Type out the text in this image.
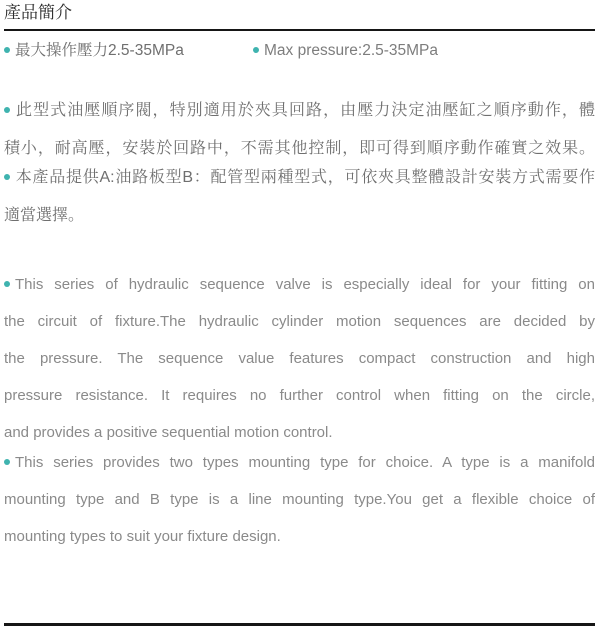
產品簡介
最大操作壓力2.5-35MPa	Max pressure:2.5-35MPa
此型式油壓順序閥，特別適用於夾具回路，由壓力決定油壓缸之順序動作，體
積小，耐高壓，安裝於回路中，不需其他控制，即可得到順序動作確實之效果。
本產品提供A:油路板型B：配管型兩種型式，可依夾具整體設計安裝方式需要作
適當選擇。
This series of hydraulic sequence valve is especially ideal for your fitting on
the circuit of fixture.The hydraulic cylinder motion sequences are decided by
the pressure. The sequence value features compact construction and high
pressure resistance. It requires no further control when fitting on the circle,
and provides a positive sequential motion control.
This series provides two types mounting type for choice. A type is a manifold
mounting type and B type is a line mounting type.You get a flexible choice of
mounting types to suit your fixture design.
